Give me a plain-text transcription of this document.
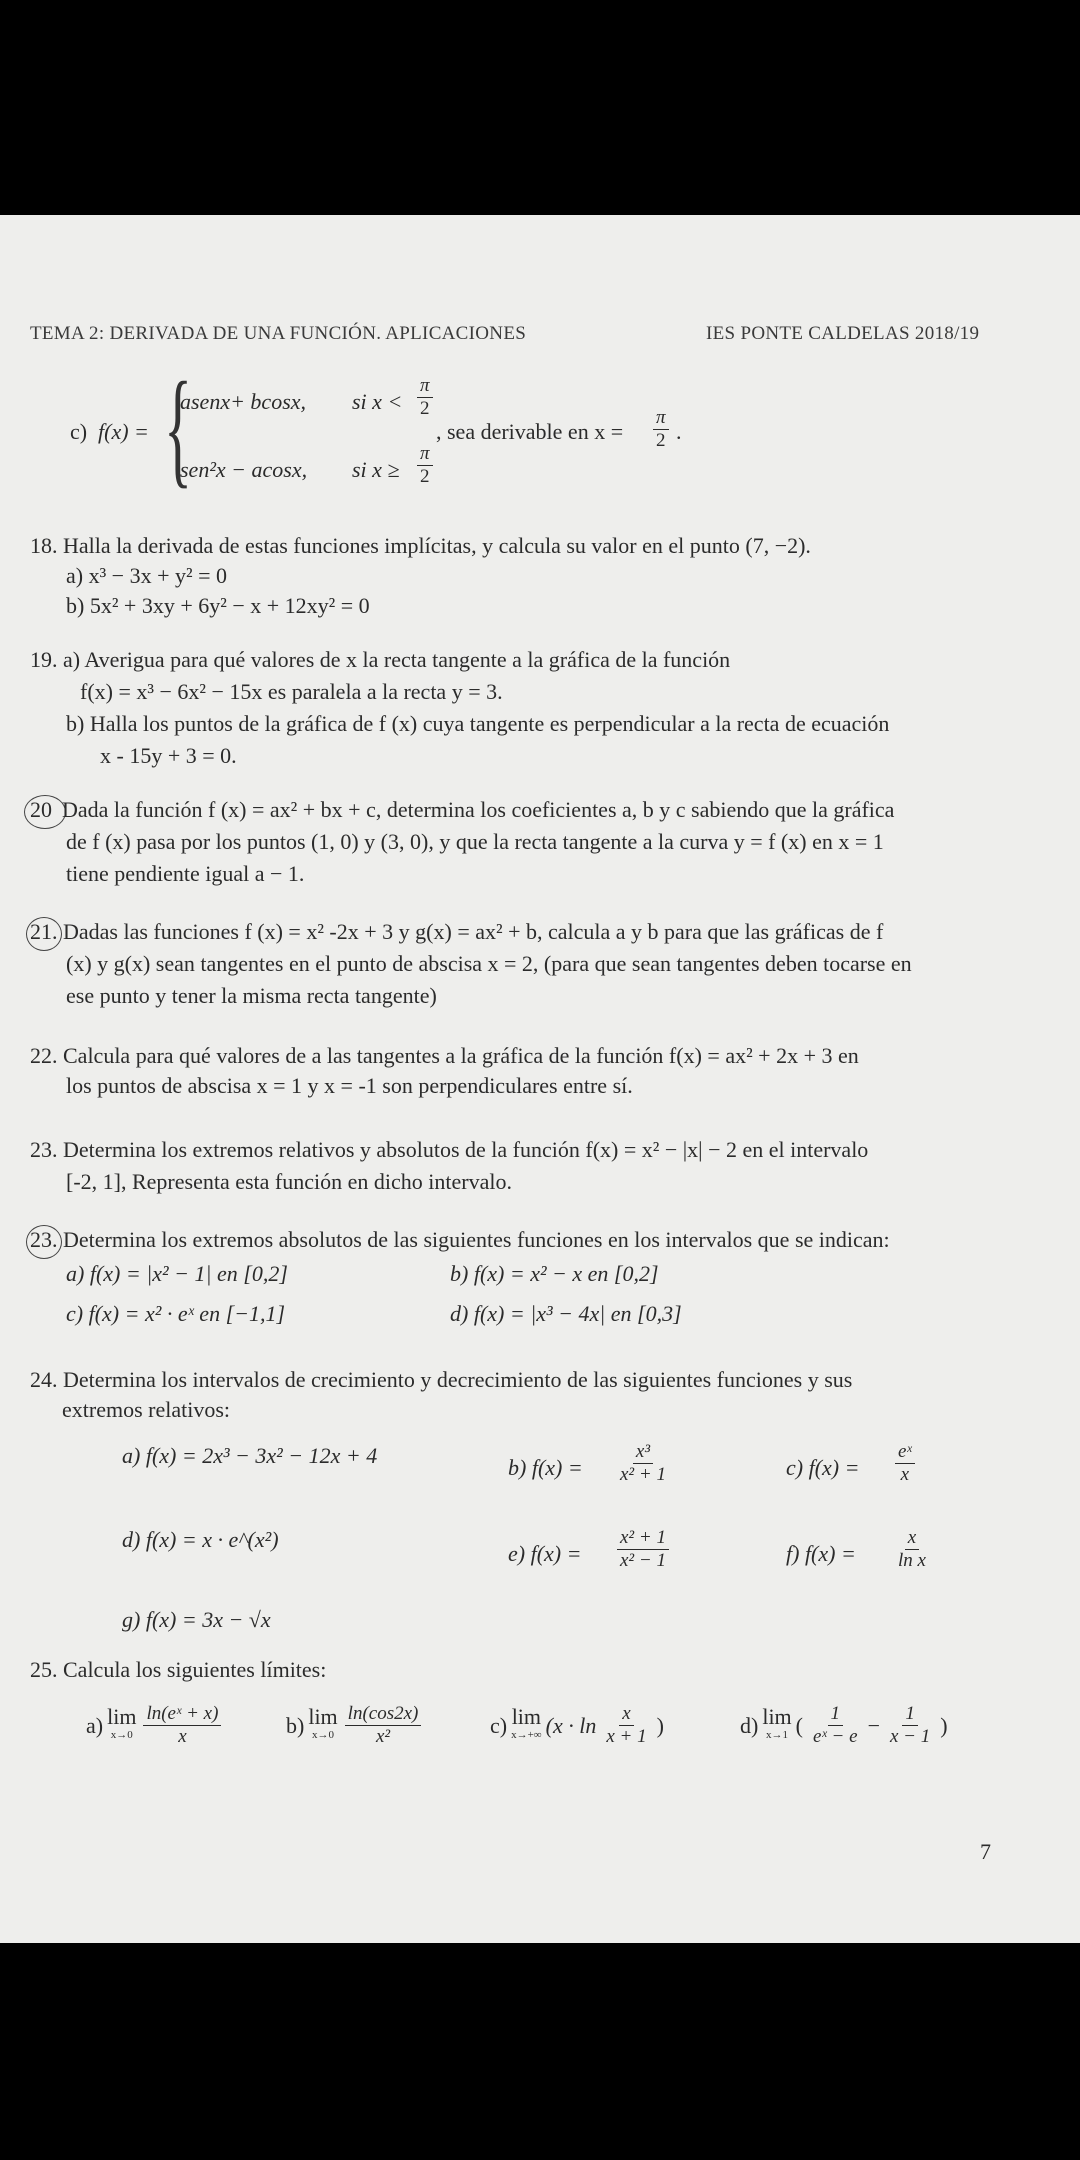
TEMA 2: DERIVADA DE UNA FUNCIÓN. APLICACIONES	IES PONTE CALDELAS 2018/19
c) f(x) = {
asenx+ bcosx, si $x < \frac{\pi}{2}$
sen²x − acosx, si $x \ge \frac{\pi}{2}$
, sea derivable en $x = \frac{\pi}{2}$ .
18. Halla la derivada de estas funciones implícitas, y calcula su valor en el punto (7, −2).
a) x³ − 3x + y² = 0
b) 5x² + 3xy + 6y² − x + 12xy² = 0
19. a) Averigua para qué valores de x la recta tangente a la gráfica de la función
f(x) = x³ − 6x² − 15x es paralela a la recta y = 3.
b) Halla los puntos de la gráfica de f (x) cuya tangente es perpendicular a la recta de ecuación
x - 15y + 3 = 0.
20 Dada la función f (x) = ax² + bx + c, determina los coeficientes a, b y c sabiendo que la gráfica
de f (x) pasa por los puntos (1, 0) y (3, 0), y que la recta tangente a la curva y = f (x) en x = 1
tiene pendiente igual a − 1.
21 . Dadas las funciones f (x) = x² -2x + 3 y g(x) = ax² + b, calcula a y b para que las gráficas de f
(x) y g(x) sean tangentes en el punto de abscisa x = 2, (para que sean tangentes deben tocarse en
ese punto y tener la misma recta tangente)
22. Calcula para qué valores de a las tangentes a la gráfica de la función f(x) = ax² + 2x + 3 en
los puntos de abscisa x = 1 y x = -1 son perpendiculares entre sí.
23 . Determina los extremos relativos y absolutos de la función f(x) = x² − |x| − 2 en el intervalo
[-2, 1], Representa esta función en dicho intervalo.
23 . Determina los extremos absolutos de las siguientes funciones en los intervalos que se indican:
a) f(x) = |x² − 1| en [0,2]	b) f(x) = x² − x en [0,2]
c) f(x) = x² · eˣ en [−1,1]	d) f(x) = |x³ − 4x| en [0,3]
24. Determina los intervalos de crecimiento y decrecimiento de las siguientes funciones y sus
extremos relativos:
a) f(x) = 2x³ − 3x² − 12x + 4	b) $f(x) = \frac{\text{x³}}{\text{x² + 1}}$	c) $f(x) = \frac{\text{eˣ}}{x}$
d) f(x) = x · e^(x²)
e) $f(x) = \frac{\text{x² + 1}}{\text{x² − 1}}$	f) $f(x) = \frac{x}{\text{ln x}}$
g) f(x) = 3x − √x
25. Calcula los siguientes límites:
a) lim
$x\to 0 \frac{\text{ln(eˣ + x)}}{x}$	b) lim
$x\to 0 \frac{\ln(\cos 2x)}{\text{x²}}$	c) lim
x→+∞ ($x \cdot \ln \frac{x}{x + 1}$ )	d) lim
x→1 ( $\frac{1}{\text{eˣ − e}} - \frac{1}{x - 1}$ )
7
